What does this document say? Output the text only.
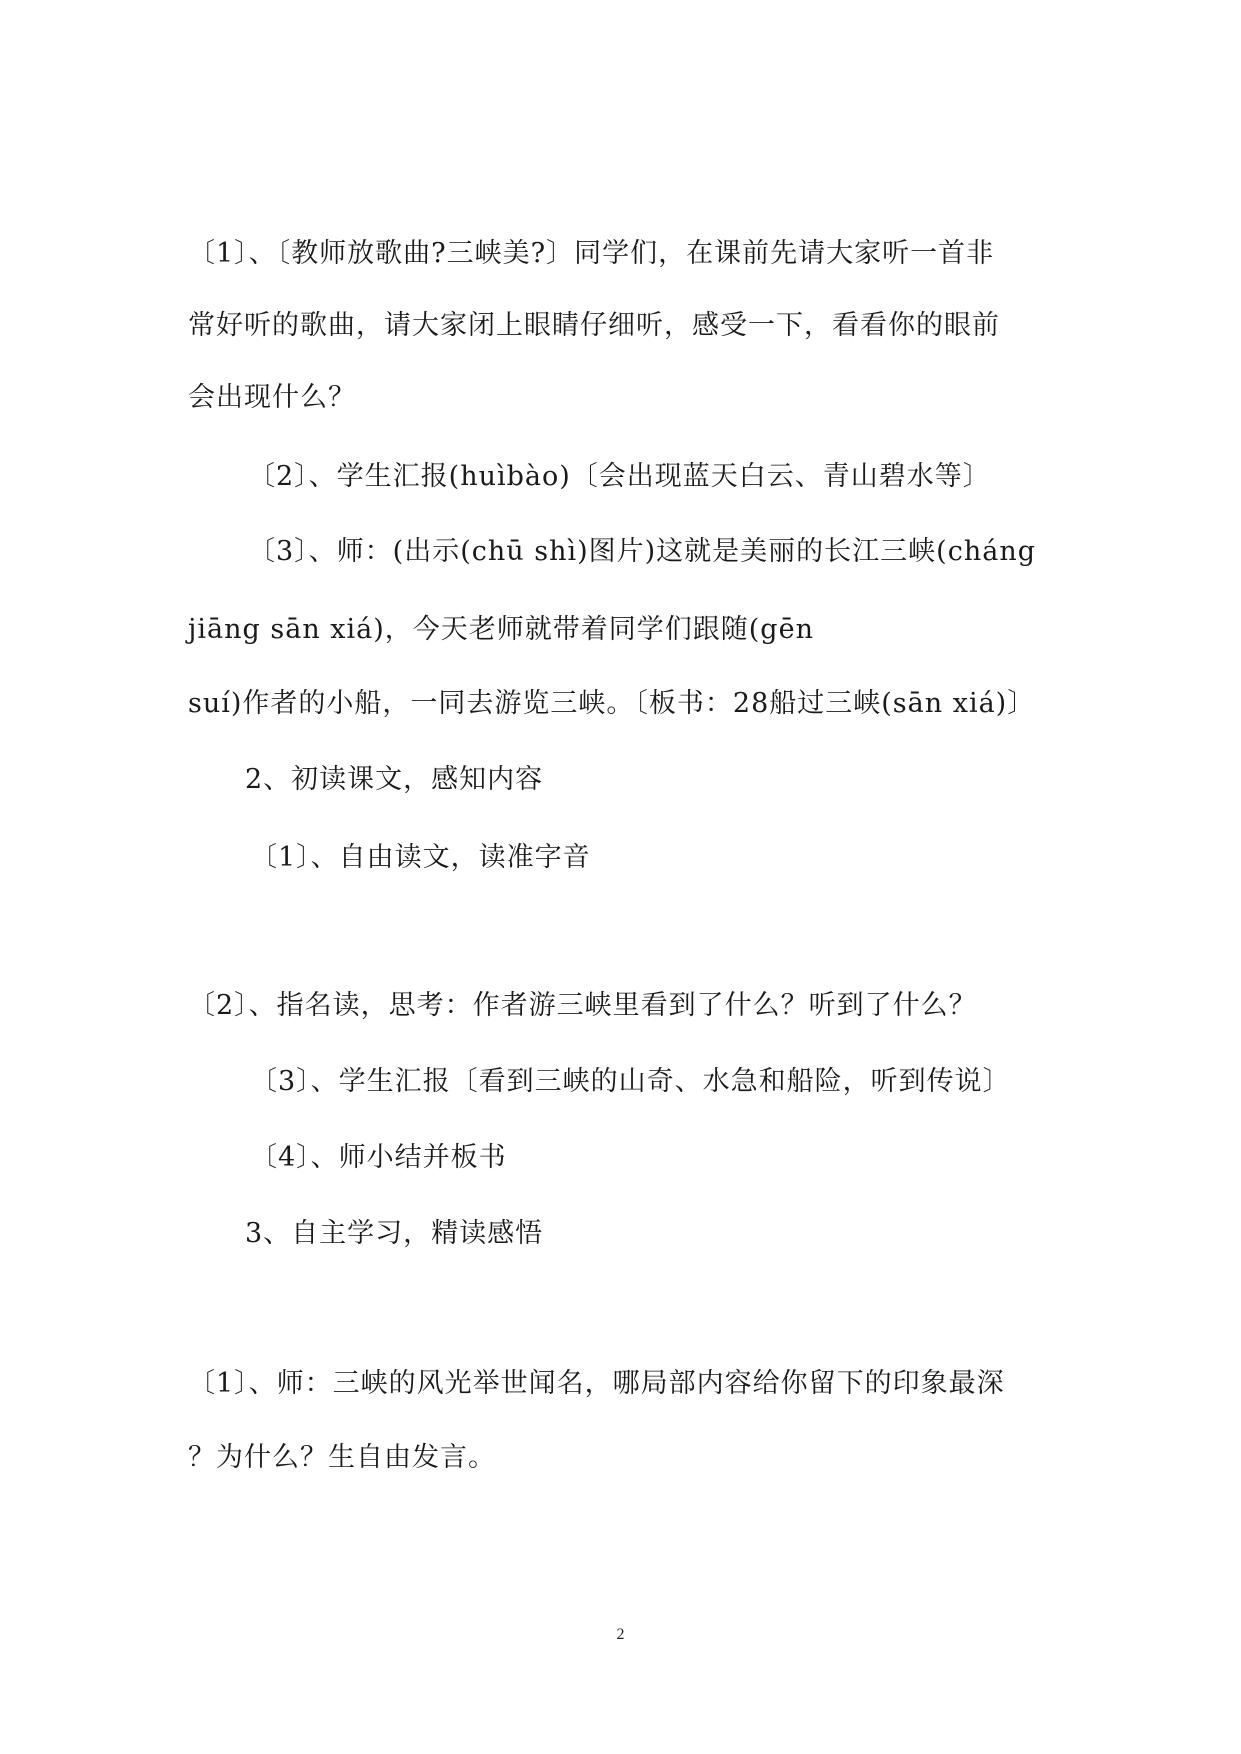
〔1〕、〔教师放歌曲?三峡美?〕同学们，在课前先请大家听一首非
常好听的歌曲，请大家闭上眼睛仔细听，感受一下，看看你的眼前
会出现什么？
〔2〕、学生汇报(huìbào)〔会出现蓝天白云、青山碧水等〕
〔3〕、师：(出示(chū shì)图片)这就是美丽的长江三峡(cháng
jiāng sān xiá)，今天老师就带着同学们跟随(gēn
suí)作者的小船，一同去游览三峡。〔板书：28船过三峡(sān xiá)〕
2、初读课文，感知内容
〔1〕、自由读文，读准字音
〔2〕、指名读，思考：作者游三峡里看到了什么？听到了什么？
〔3〕、学生汇报〔看到三峡的山奇、水急和船险，听到传说〕
〔4〕、师小结并板书
3、自主学习，精读感悟
〔1〕、师：三峡的风光举世闻名，哪局部内容给你留下的印象最深
？为什么？生自由发言。
2
